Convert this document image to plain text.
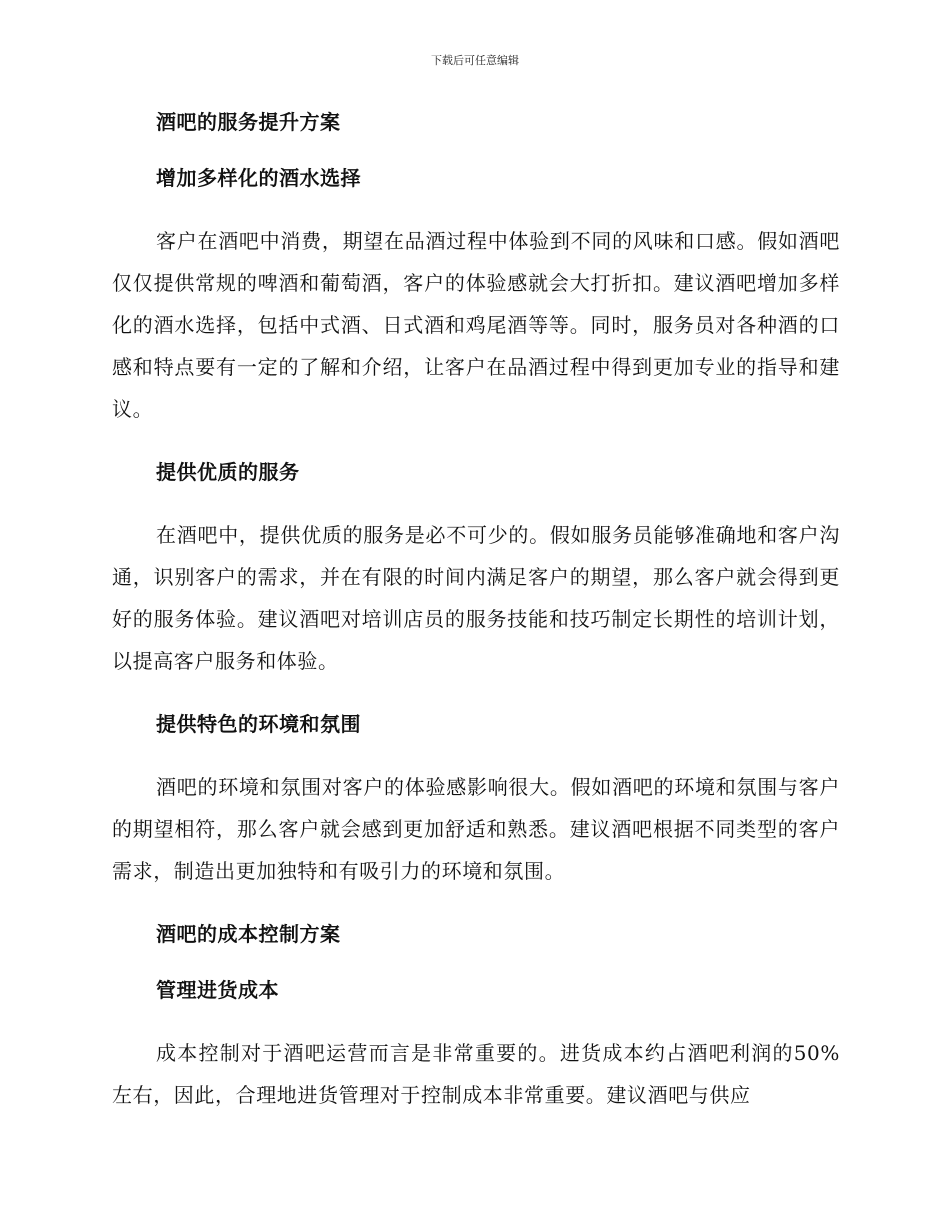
下载后可任意编辑
酒吧的服务提升方案
增加多样化的酒水选择
客户在酒吧中消费，期望在品酒过程中体验到不同的风味和口感。假如酒吧仅仅提供常规的啤酒和葡萄酒，客户的体验感就会大打折扣。建议酒吧增加多样化的酒水选择，包括中式酒、日式酒和鸡尾酒等等。同时，服务员对各种酒的口感和特点要有一定的了解和介绍，让客户在品酒过程中得到更加专业的指导和建议。
提供优质的服务
在酒吧中，提供优质的服务是必不可少的。假如服务员能够准确地和客户沟通，识别客户的需求，并在有限的时间内满足客户的期望，那么客户就会得到更好的服务体验。建议酒吧对培训店员的服务技能和技巧制定长期性的培训计划，以提高客户服务和体验。
提供特色的环境和氛围
酒吧的环境和氛围对客户的体验感影响很大。假如酒吧的环境和氛围与客户的期望相符，那么客户就会感到更加舒适和熟悉。建议酒吧根据不同类型的客户需求，制造出更加独特和有吸引力的环境和氛围。
酒吧的成本控制方案
管理进货成本
成本控制对于酒吧运营而言是非常重要的。进货成本约占酒吧利润的50%左右，因此，合理地进货管理对于控制成本非常重要。建议酒吧与供应
